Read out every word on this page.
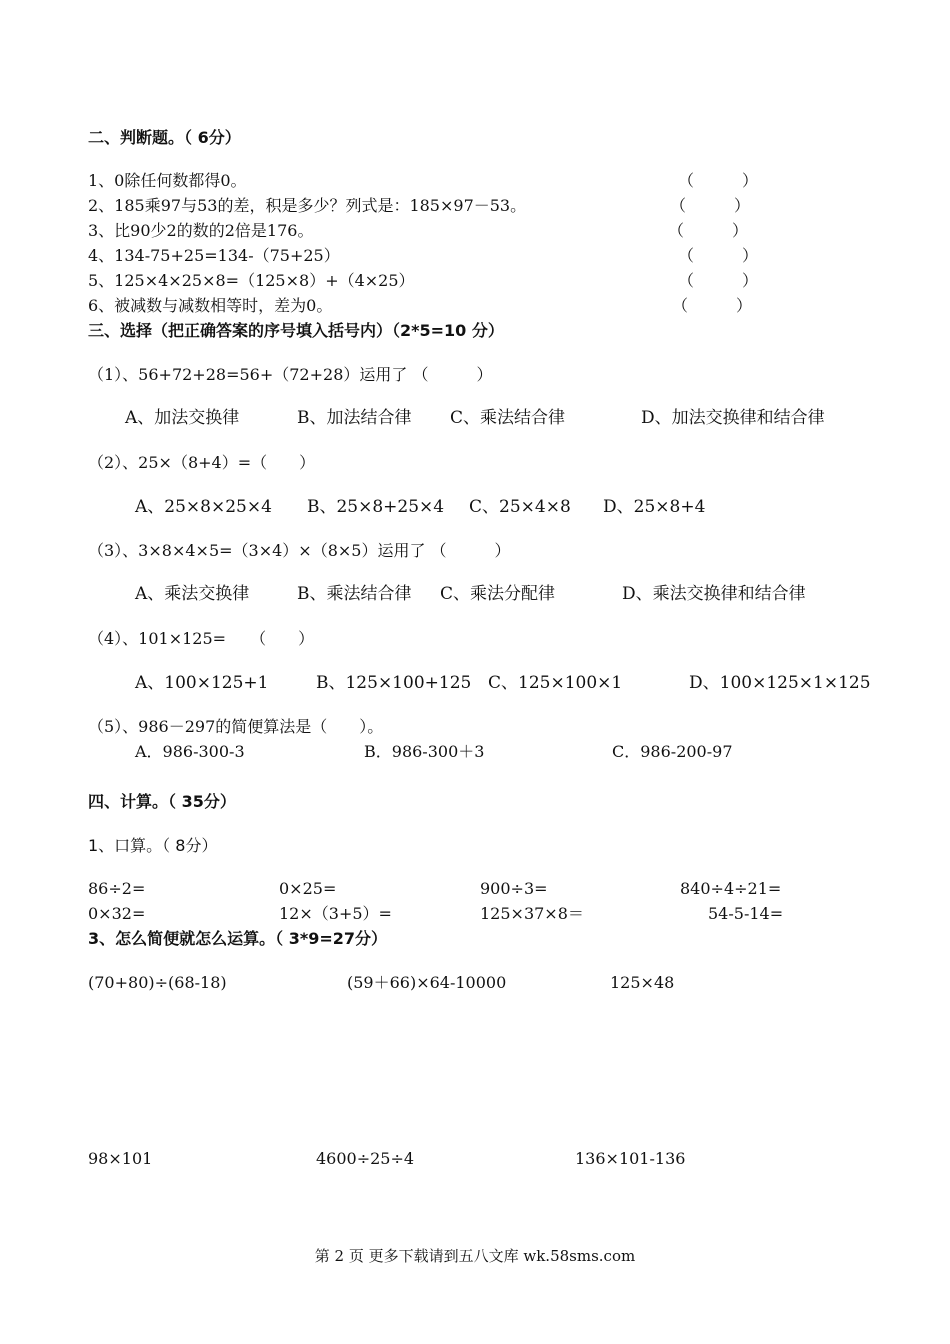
二、判断题。（ 6分）
1、0除任何数都得0。	（　　　）
2、185乘97与53的差，积是多少？列式是：185×97－53。	（　　　）
3、比90少2的数的2倍是176。	（　　　）
4、134-75+25=134-（75+25）	（　　　）
5、125×4×25×8=（125×8）+（4×25）	（　　　）
6、被减数与减数相等时，差为0。	（　　　）
三、选择（把正确答案的序号填入括号内）（2*5=10 分）
（1）、56+72+28=56+（72+28）运用了 （　　　）
A、加法交换律	B、加法结合律 C、乘法结合律	D、加法交换律和结合律
（2）、25×（8+4）=（　　）
A、25×8×25×4 B、25×8+25×4 C、25×4×8 D、25×8+4
（3）、3×8×4×5=（3×4）×（8×5）运用了 （　　　）
A、乘法交换律	B、乘法结合律 C、乘法分配律	D、乘法交换律和结合律
（4）、101×125=　　（　　）
A、100×125+1	B、125×100+125 C、125×100×1	D、100×125×1×125
（5）、986－297的简便算法是（　　）。
A．986-300-3	B．986-300＋3	C．986-200-97
四、计算。（ 35分）
1、口算。（ 8分）
86÷2=	0×25=	900÷3=	840÷4÷21=
0×32=	12×（3+5）=	125×37×8＝	54-5-14=
3、怎么简便就怎么运算。（ 3*9=27分）
(70+80)÷(68-18)	(59＋66)×64-10000	125×48
98×101	4600÷25÷4	136×101-136
第 2 页 更多下载请到五八文库 wk.58sms.com
